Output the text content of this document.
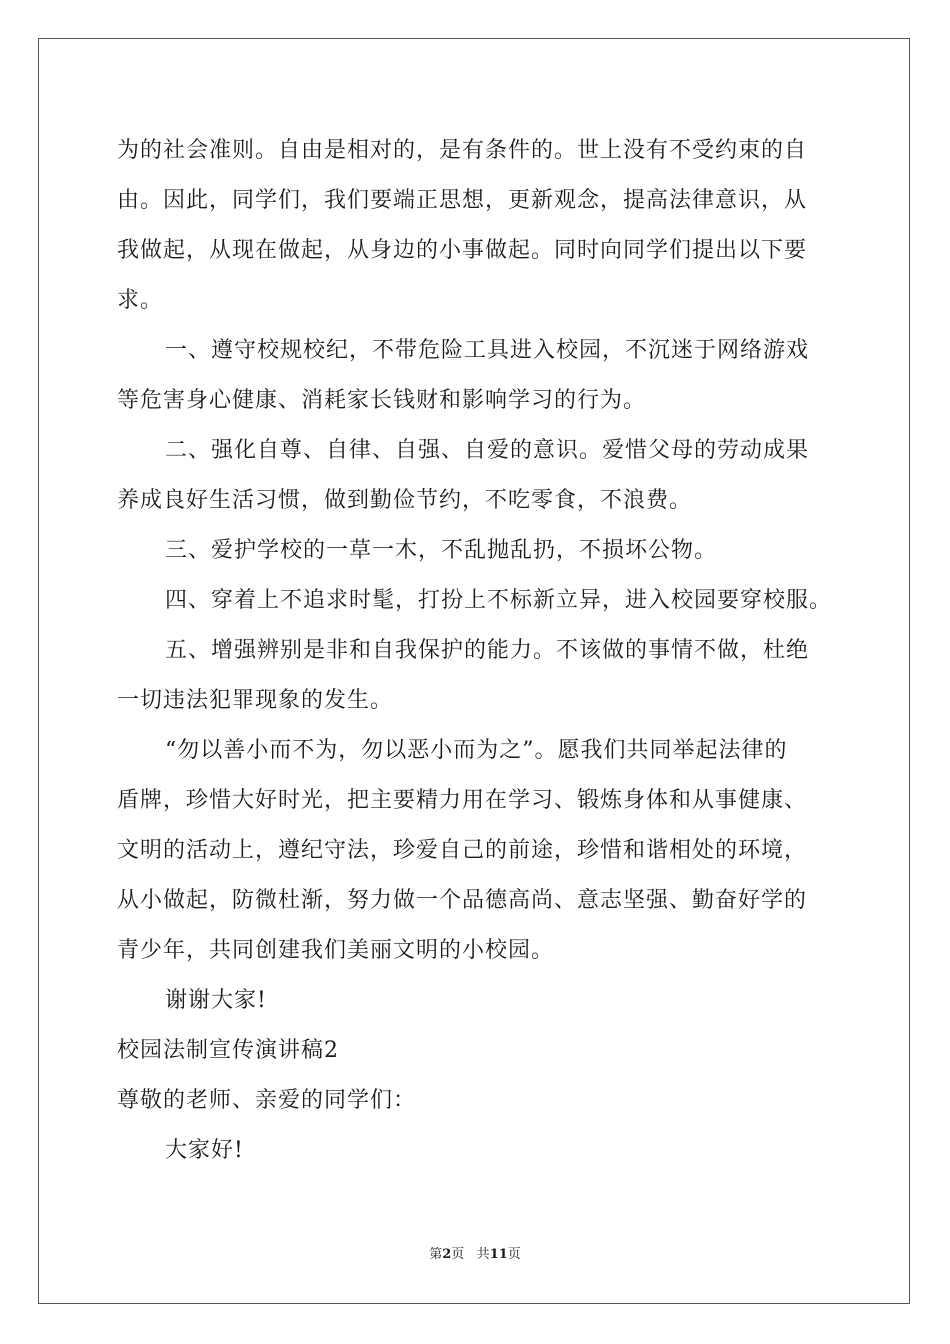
为的社会准则。自由是相对的，是有条件的。世上没有不受约束的自
由。因此，同学们，我们要端正思想，更新观念，提高法律意识，从
我做起，从现在做起，从身边的小事做起。同时向同学们提出以下要
求。
一、遵守校规校纪，不带危险工具进入校园，不沉迷于网络游戏
等危害身心健康、消耗家长钱财和影响学习的行为。
二、强化自尊、自律、自强、自爱的意识。爱惜父母的劳动成果
养成良好生活习惯，做到勤俭节约，不吃零食，不浪费。
三、爱护学校的一草一木，不乱抛乱扔，不损坏公物。
四、穿着上不追求时髦，打扮上不标新立异，进入校园要穿校服。
五、增强辨别是非和自我保护的能力。不该做的事情不做，杜绝
一切违法犯罪现象的发生。
“勿以善小而不为，勿以恶小而为之”。愿我们共同举起法律的
盾牌，珍惜大好时光，把主要精力用在学习、锻炼身体和从事健康、
文明的活动上，遵纪守法，珍爱自己的前途，珍惜和谐相处的环境，
从小做起，防微杜渐，努力做一个品德高尚、意志坚强、勤奋好学的
青少年，共同创建我们美丽文明的小校园。
谢谢大家!
校园法制宣传演讲稿2
尊敬的老师、亲爱的同学们：
大家好!
第2页 共11页
